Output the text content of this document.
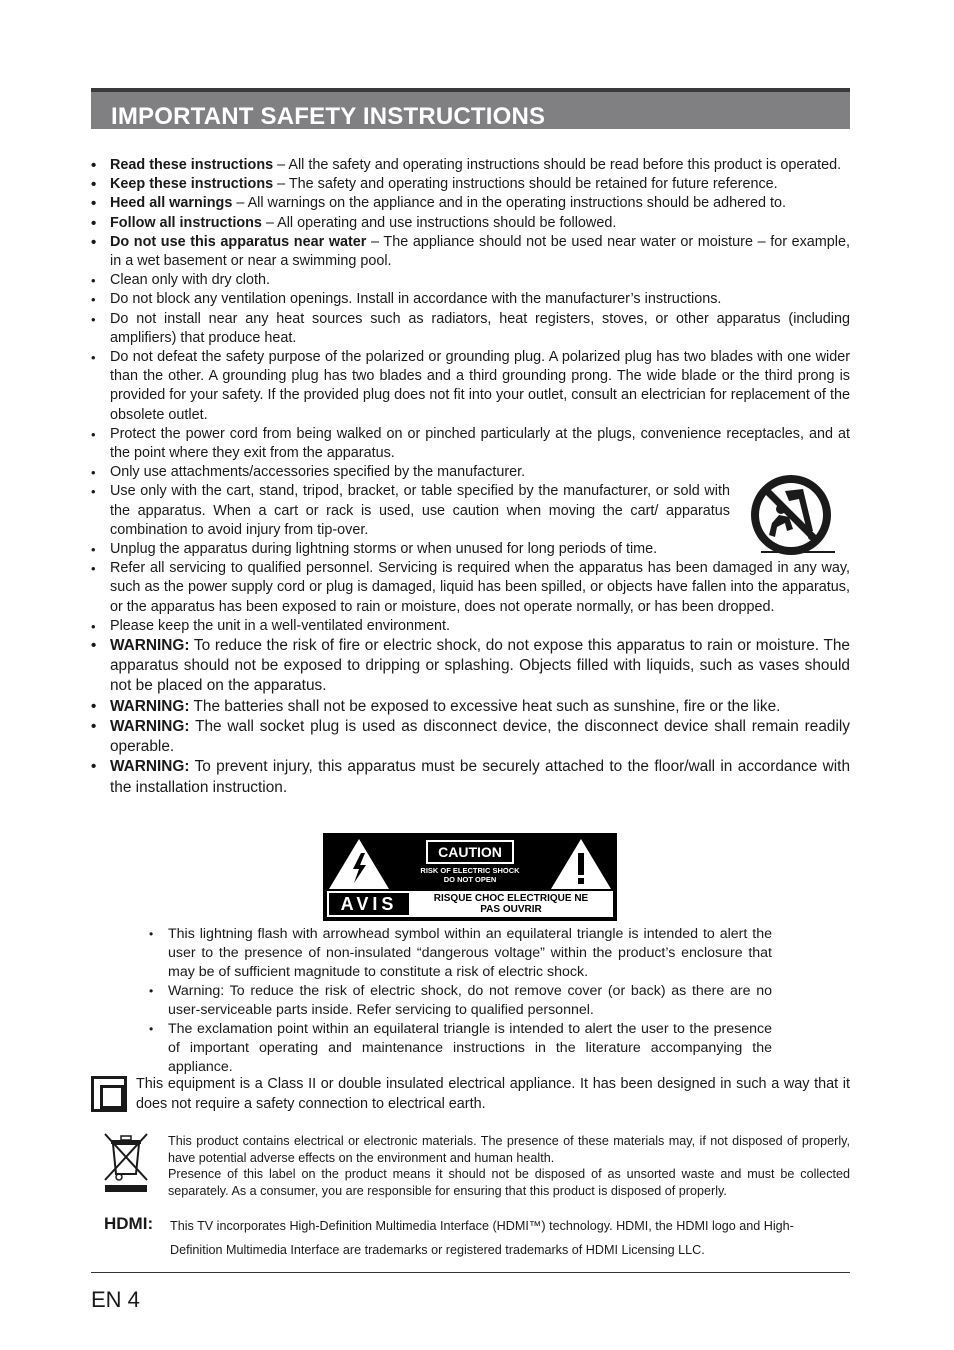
IMPORTANT SAFETY INSTRUCTIONS
• Read these instructions – All the safety and operating instructions should be read before this product is operated.
• Keep these instructions – The safety and operating instructions should be retained for future reference.
• Heed all warnings – All warnings on the appliance and in the operating instructions should be adhered to.
• Follow all instructions – All operating and use instructions should be followed.
• Do not use this apparatus near water – The appliance should not be used near water or moisture – for example, in a wet basement or near a swimming pool.
• Clean only with dry cloth.
• Do not block any ventilation openings. Install in accordance with the manufacturer’s instructions.
• Do not install near any heat sources such as radiators, heat registers, stoves, or other apparatus (including amplifiers) that produce heat.
• Do not defeat the safety purpose of the polarized or grounding plug. A polarized plug has two blades with one wider than the other. A grounding plug has two blades and a third grounding prong. The wide blade or the third prong is provided for your safety. If the provided plug does not fit into your outlet, consult an electrician for replacement of the obsolete outlet.
• Protect the power cord from being walked on or pinched particularly at the plugs, convenience receptacles, and at the point where they exit from the apparatus.
• Only use attachments/accessories specified by the manufacturer.
• Use only with the cart, stand, tripod, bracket, or table specified by the manufacturer, or sold with the apparatus. When a cart or rack is used, use caution when moving the cart/ apparatus combination to avoid injury from tip-over.
• Unplug the apparatus during lightning storms or when unused for long periods of time.
• Refer all servicing to qualified personnel. Servicing is required when the apparatus has been damaged in any way, such as the power supply cord or plug is damaged, liquid has been spilled, or objects have fallen into the apparatus, or the apparatus has been exposed to rain or moisture, does not operate normally, or has been dropped.
• Please keep the unit in a well-ventilated environment.
• WARNING: To reduce the risk of fire or electric shock, do not expose this apparatus to rain or moisture. The apparatus should not be exposed to dripping or splashing. Objects filled with liquids, such as vases should not be placed on the apparatus.
• WARNING: The batteries shall not be exposed to excessive heat such as sunshine, fire or the like.
• WARNING: The wall socket plug is used as disconnect device, the disconnect device shall remain readily operable.
• WARNING: To prevent injury, this apparatus must be securely attached to the floor/wall in accordance with the installation instruction.
CAUTION
RISK OF ELECTRIC SHOCK
DO NOT OPEN
AVIS	RISQUE CHOC ELECTRIQUE NE
PAS OUVRIR
• This lightning flash with arrowhead symbol within an equilateral triangle is intended to alert the user to the presence of non-insulated “dangerous voltage” within the product’s enclosure that may be of sufficient magnitude to constitute a risk of electric shock.
• Warning: To reduce the risk of electric shock, do not remove cover (or back) as there are no user-serviceable parts inside. Refer servicing to qualified personnel.
• The exclamation point within an equilateral triangle is intended to alert the user to the presence of important operating and maintenance instructions in the literature accompanying the appliance.
This equipment is a Class II or double insulated electrical appliance. It has been designed in such a way that it does not require a safety connection to electrical earth.
This product contains electrical or electronic materials. The presence of these materials may, if not disposed of properly, have potential adverse effects on the environment and human health.
Presence of this label on the product means it should not be disposed of as unsorted waste and must be collected separately. As a consumer, you are responsible for ensuring that this product is disposed of properly.
HDMI: This TV incorporates High-Definition Multimedia Interface (HDMI™) technology. HDMI, the HDMI logo and High-
Definition Multimedia Interface are trademarks or registered trademarks of HDMI Licensing LLC.
EN 4
